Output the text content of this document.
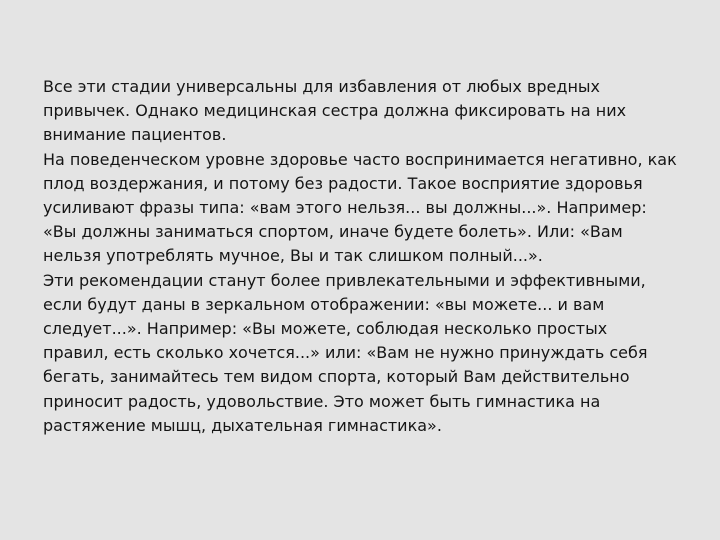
Все эти стадии универсальны для избавления от любых вредных
привычек. Однако медицинская сестра должна фиксировать на них
внимание пациентов.
На поведенческом уровне здоровье часто воспринимается негативно, как
плод воздержания, и потому без радости. Такое восприятие здоровья
усиливают фразы типа: «вам этого нельзя... вы должны...». Например:
«Вы должны заниматься спортом, иначе будете болеть». Или: «Вам
нельзя употреблять мучное, Вы и так слишком полный...».
Эти рекомендации станут более привлекательными и эффективными,
если будут даны в зеркальном отображении: «вы можете... и вам
следует...». Например: «Вы можете, соблюдая несколько простых
правил, есть сколько хочется...» или: «Вам не нужно принуждать себя
бегать, занимайтесь тем видом спорта, который Вам действительно
приносит радость, удовольствие. Это может быть гимнастика на
растяжение мышц, дыхательная гимнастика».
